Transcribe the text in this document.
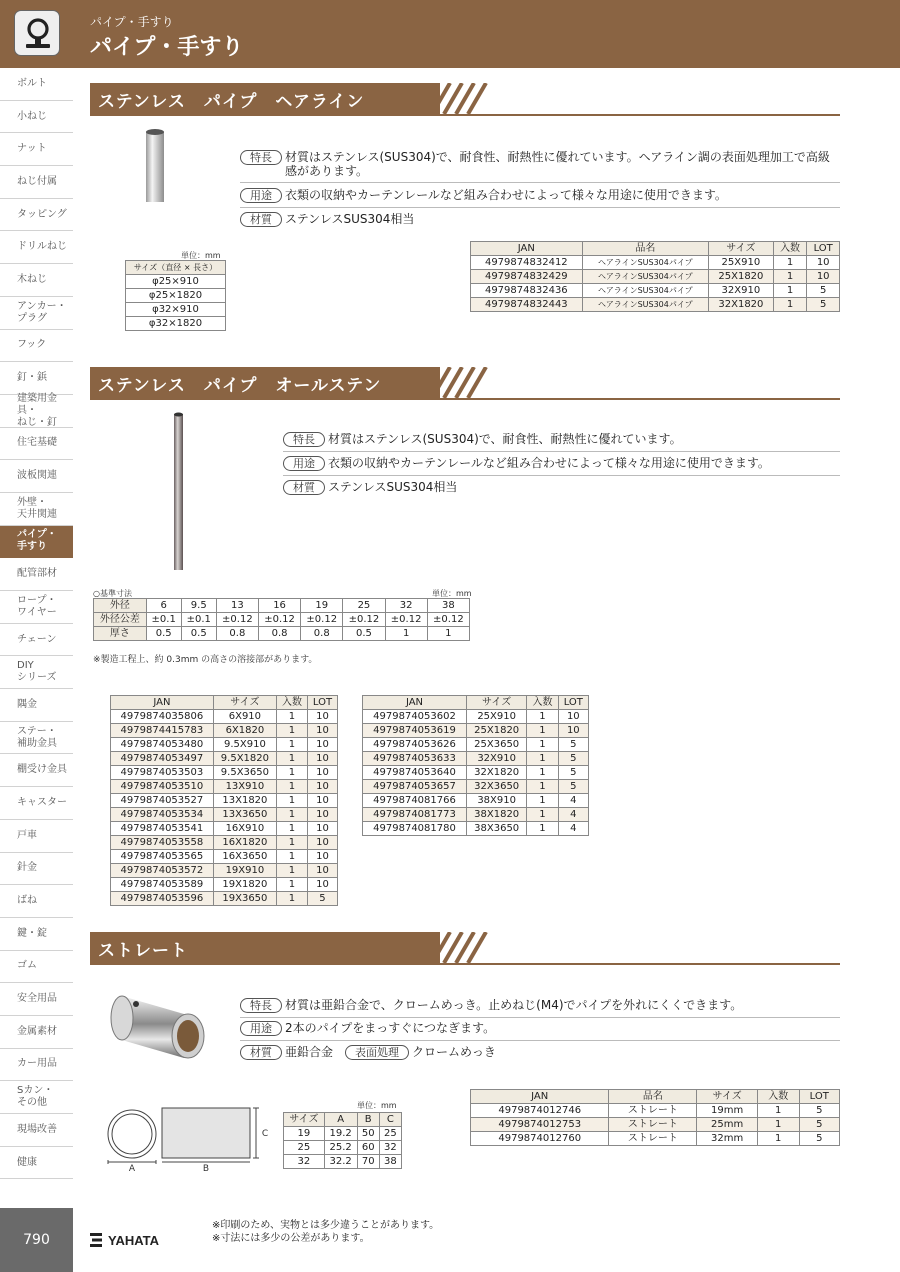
パイプ・手すり
パイプ・手すり
ボルト
小ねじ
ナット
ねじ付属
タッピング
ドリルねじ
木ねじ
アンカー・
プラグ
フック
釘・鋲
建築用金具・
ねじ・釘
住宅基礎
波板関連
外壁・
天井関連
パイプ・
手すり
配管部材
ロープ・
ワイヤー
チェーン
DIY
シリーズ
隅金
ステー・
補助金具
棚受け金具
キャスター
戸車
針金
ばね
鍵・錠
ゴム
安全用品
金属素材
カー用品
Sカン・
その他
現場改善
健康
ステンレス　パイプ　ヘアライン
特長	材質はステンレス(SUS304)で、耐食性、耐熱性に優れています。ヘアライン調の表面処理加工で高級感があります。
用途	衣類の収納やカーテンレールなど組み合わせによって様々な用途に使用できます。
材質	ステンレスSUS304相当
単位：mm
サイズ（直径 × 長さ）
φ25×910
φ25×1820
φ32×910
φ32×1820
JAN	品名	サイズ	入数	LOT
4979874832412	ヘアラインSUS304パイプ	25X910	1	10
4979874832429	ヘアラインSUS304パイプ	25X1820	1	10
4979874832436	ヘアラインSUS304パイプ	32X910	1	5
4979874832443	ヘアラインSUS304パイプ	32X1820	1	5
ステンレス　パイプ　オールステン
特長	材質はステンレス(SUS304)で、耐食性、耐熱性に優れています。
用途	衣類の収納やカーテンレールなど組み合わせによって様々な用途に使用できます。
材質	ステンレスSUS304相当
○基準寸法	単位：mm
外径	6	9.5	13	16	19	25	32	38
外径公差	±0.1	±0.1	±0.12	±0.12	±0.12	±0.12	±0.12	±0.12
厚さ	0.5	0.5	0.8	0.8	0.8	0.5	1	1
※製造工程上、約 0.3mm の高さの溶接部があります。
JAN	サイズ	入数	LOT
4979874035806	6X910	1	10
4979874415783	6X1820	1	10
4979874053480	9.5X910	1	10
4979874053497	9.5X1820	1	10
4979874053503	9.5X3650	1	10
4979874053510	13X910	1	10
4979874053527	13X1820	1	10
4979874053534	13X3650	1	10
4979874053541	16X910	1	10
4979874053558	16X1820	1	10
4979874053565	16X3650	1	10
4979874053572	19X910	1	10
4979874053589	19X1820	1	10
4979874053596	19X3650	1	5
JAN	サイズ	入数	LOT
4979874053602	25X910	1	10
4979874053619	25X1820	1	10
4979874053626	25X3650	1	5
4979874053633	32X910	1	5
4979874053640	32X1820	1	5
4979874053657	32X3650	1	5
4979874081766	38X910	1	4
4979874081773	38X1820	1	4
4979874081780	38X3650	1	4
ストレート
特長	材質は亜鉛合金で、クロームめっき。止めねじ(M4)でパイプを外れにくくできます。
用途	2本のパイプをまっすぐにつなぎます。
材質	亜鉛合金	表面処理	クロームめっき
A	B
C
単位：mm
サイズ	A	B	C
19	19.2	50	25
25	25.2	60	32
32	32.2	70	38
JAN	品名	サイズ	入数	LOT
4979874012746	ストレート	19mm	1	5
4979874012753	ストレート	25mm	1	5
4979874012760	ストレート	32mm	1	5
790	YAHATA
※印刷のため、実物とは多少違うことがあります。
※寸法には多少の公差があります。
